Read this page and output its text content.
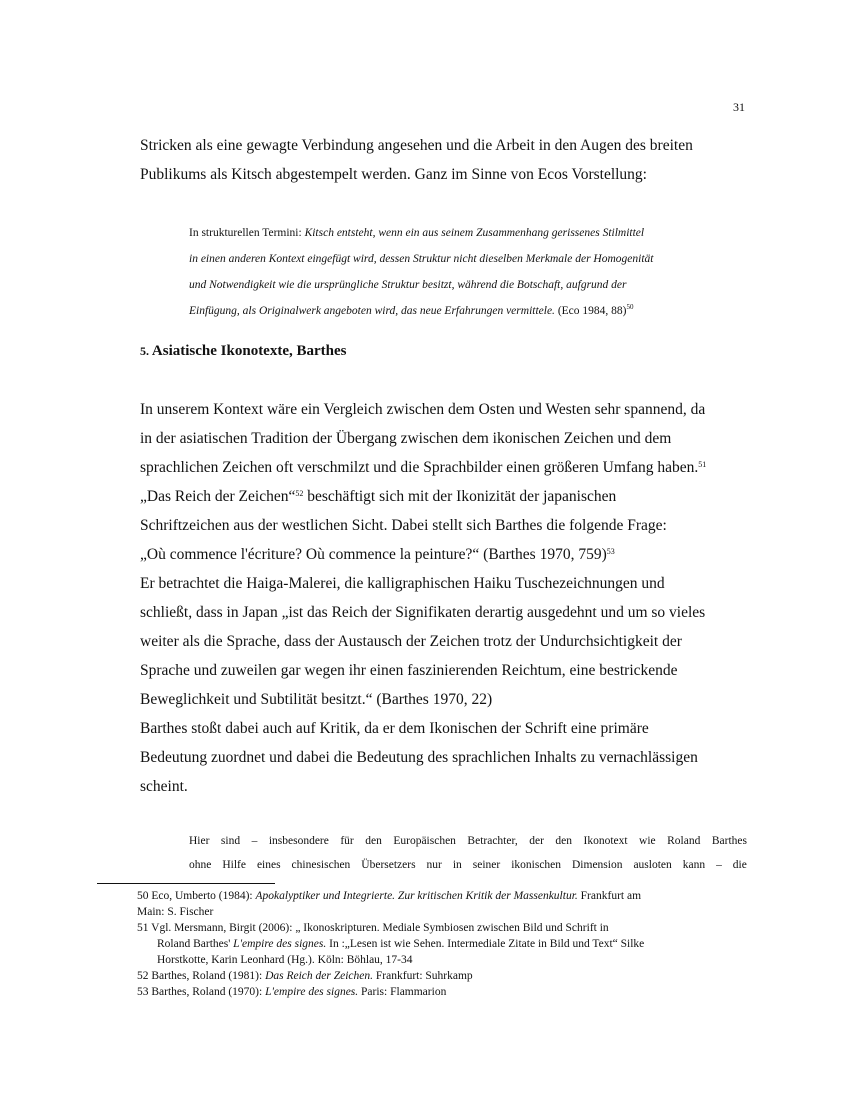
31
Stricken als eine gewagte Verbindung angesehen und die Arbeit in den Augen des breiten
Publikums als Kitsch abgestempelt werden. Ganz im Sinne von Ecos Vorstellung:
In strukturellen Termini: Kitsch entsteht, wenn ein aus seinem Zusammenhang gerissenes Stilmittel
in einen anderen Kontext eingefügt wird, dessen Struktur nicht dieselben Merkmale der Homogenität
und Notwendigkeit wie die ursprüngliche Struktur besitzt, während die Botschaft, aufgrund der
Einfügung, als Originalwerk angeboten wird, das neue Erfahrungen vermittele. (Eco 1984, 88)$^{50}$
5. Asiatische Ikonotexte, Barthes
In unserem Kontext wäre ein Vergleich zwischen dem Osten und Westen sehr spannend, da
in der asiatischen Tradition der Übergang zwischen dem ikonischen Zeichen und dem
sprachlichen Zeichen oft verschmilzt und die Sprachbilder einen größeren Umfang haben.$^{51}$
„Das Reich der Zeichen“$^{52}$ beschäftigt sich mit der Ikonizität der japanischen
Schriftzeichen aus der westlichen Sicht. Dabei stellt sich Barthes die folgende Frage:
„Où commence l'écriture? Où commence la peinture?“ (Barthes 1970, 759)$^{53}$
Er betrachtet die Haiga-Malerei, die kalligraphischen Haiku Tuschezeichnungen und
schließt, dass in Japan „ist das Reich der Signifikaten derartig ausgedehnt und um so vieles
weiter als die Sprache, dass der Austausch der Zeichen trotz der Undurchsichtigkeit der
Sprache und zuweilen gar wegen ihr einen faszinierenden Reichtum, eine bestrickende
Beweglichkeit und Subtilität besitzt.“ (Barthes 1970, 22)
Barthes stoßt dabei auch auf Kritik, da er dem Ikonischen der Schrift eine primäre
Bedeutung zuordnet und dabei die Bedeutung des sprachlichen Inhalts zu vernachlässigen
scheint.
Hier sind – insbesondere für den Europäischen Betrachter, der den Ikonotext wie Roland Barthes
ohne Hilfe eines chinesischen Übersetzers nur in seiner ikonischen Dimension ausloten kann – die
50 Eco, Umberto (1984): Apokalyptiker und Integrierte. Zur kritischen Kritik der Massenkultur. Frankfurt am
Main: S. Fischer
51 Vgl. Mersmann, Birgit (2006): „ Ikonoskripturen. Mediale Symbiosen zwischen Bild und Schrift in
Roland Barthes' L'empire des signes. In :„Lesen ist wie Sehen. Intermediale Zitate in Bild und Text“ Silke
Horstkotte, Karin Leonhard (Hg.). Köln: Böhlau, 17-34
52 Barthes, Roland (1981): Das Reich der Zeichen. Frankfurt: Suhrkamp
53 Barthes, Roland (1970): L'empire des signes. Paris: Flammarion
